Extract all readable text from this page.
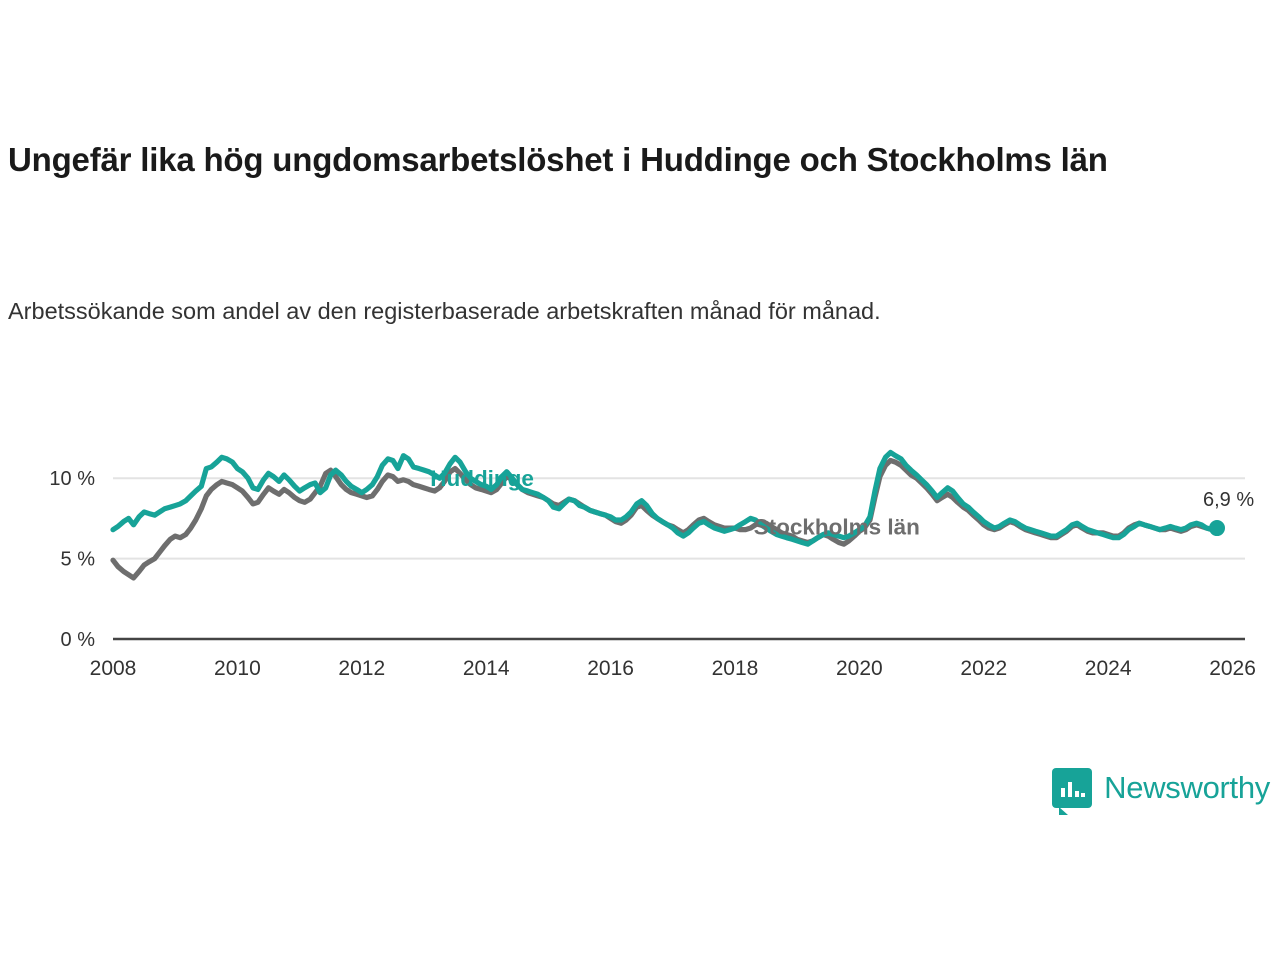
Ungefär lika hög ungdomsarbetslöshet i Huddinge och Stockholms län
Arbetssökande som andel av den registerbaserade arbetskraften månad för månad.
0 %
5 %
10 %
2008	2010	2012	2014	2016	2018	2020	2022	2024	2026
6,9 %
Huddinge
Stockholms län
Newsworthy
